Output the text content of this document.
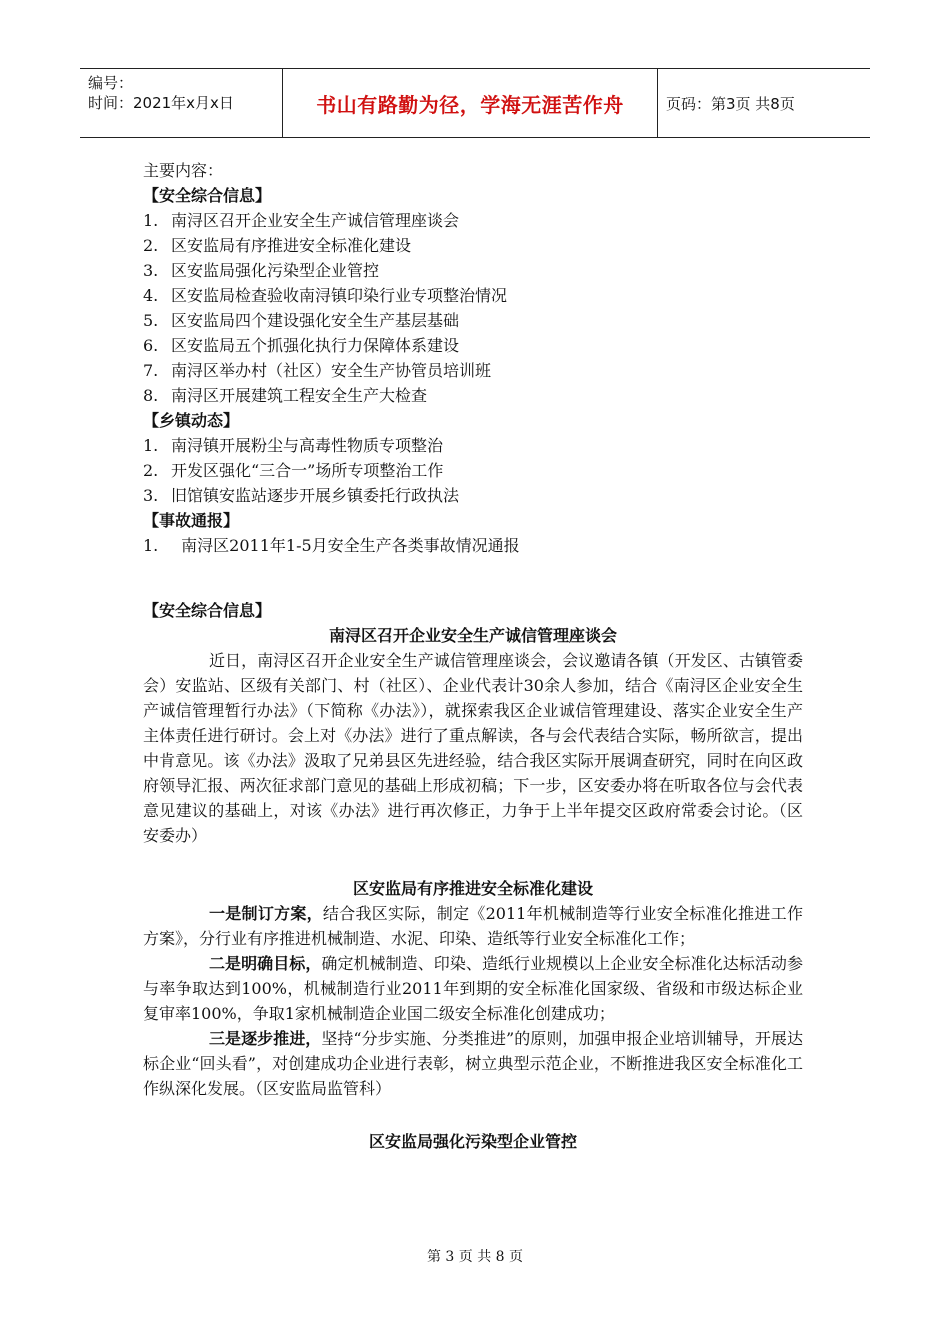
编号：
时间：2021年x月x日	书山有路勤为径，学海无涯苦作舟	页码：第3页 共8页
主要内容：
【安全综合信息】
1. 南浔区召开企业安全生产诚信管理座谈会
2. 区安监局有序推进安全标准化建设
3. 区安监局强化污染型企业管控
4. 区安监局检查验收南浔镇印染行业专项整治情况
5. 区安监局四个建设强化安全生产基层基础
6. 区安监局五个抓强化执行力保障体系建设
7. 南浔区举办村（社区）安全生产协管员培训班
8. 南浔区开展建筑工程安全生产大检查
【乡镇动态】
1. 南浔镇开展粉尘与高毒性物质专项整治
2. 开发区强化“三合一”场所专项整治工作
3. 旧馆镇安监站逐步开展乡镇委托行政执法
【事故通报】
1.  南浔区2011年1-5月安全生产各类事故情况通报
【安全综合信息】
南浔区召开企业安全生产诚信管理座谈会

近日，南浔区召开企业安全生产诚信管理座谈会，会议邀请各镇（开发区、古镇管委会）安监站、区级有关部门、村（社区）、企业代表计30余人参加，结合《南浔区企业安全生产诚信管理暂行办法》（下简称《办法》），就探索我区企业诚信管理建设、落实企业安全生产主体责任进行研讨。会上对《办法》进行了重点解读，各与会代表结合实际，畅所欲言，提出中肯意见。该《办法》汲取了兄弟县区先进经验，结合我区实际开展调查研究，同时在向区政府领导汇报、两次征求部门意见的基础上形成初稿；下一步，区安委办将在听取各位与会代表意见建议的基础上，对该《办法》进行再次修正，力争于上半年提交区政府常委会讨论。（区安委办）

区安监局有序推进安全标准化建设

一是制订方案，结合我区实际，制定《2011年机械制造等行业安全标准化推进工作方案》，分行业有序推进机械制造、水泥、印染、造纸等行业安全标准化工作；

二是明确目标，确定机械制造、印染、造纸行业规模以上企业安全标准化达标活动参与率争取达到100%，机械制造行业2011年到期的安全标准化国家级、省级和市级达标企业复审率100%，争取1家机械制造企业国二级安全标准化创建成功；

三是逐步推进，坚持“分步实施、分类推进”的原则，加强申报企业培训辅导，开展达标企业“回头看”，对创建成功企业进行表彰，树立典型示范企业，不断推进我区安全标准化工作纵深化发展。（区安监局监管科）

区安监局强化污染型企业管控
第 3 页 共 8 页
